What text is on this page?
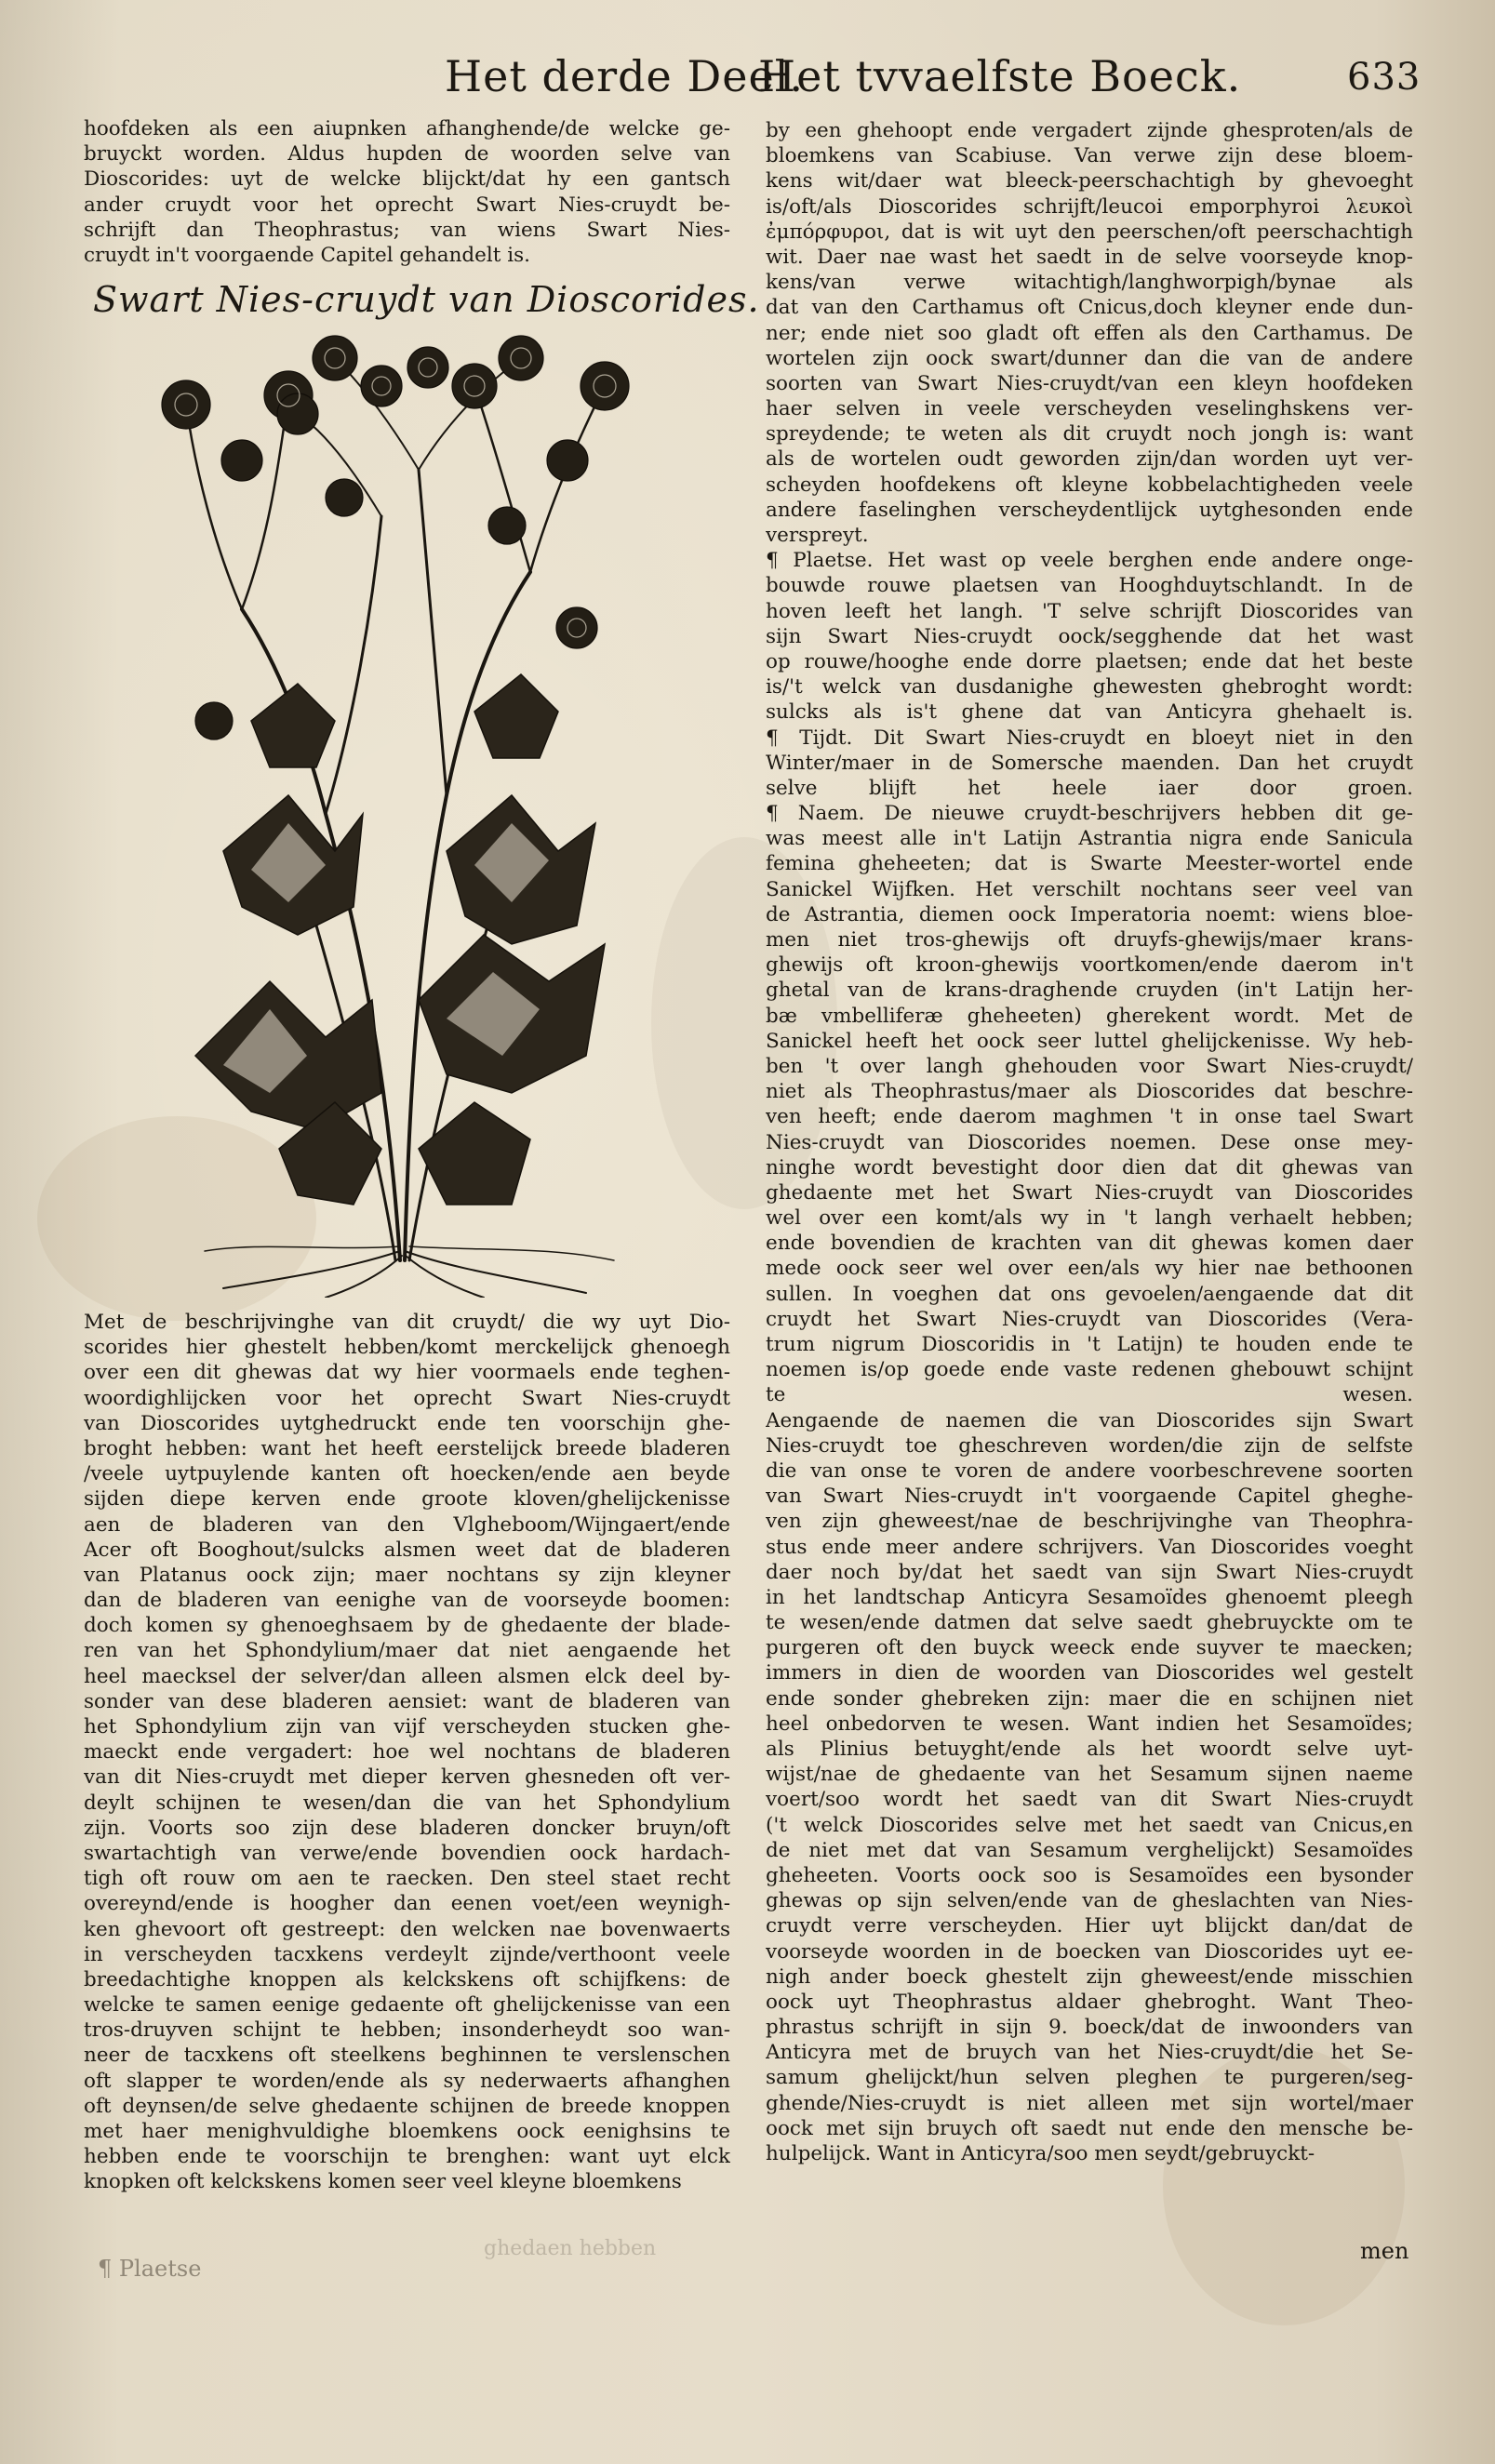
Het derde Deel.
Het tvvaelfste Boeck.	633
hoofdeken als een aiupnken afhanghende/de welcke ge-
bruyckt worden. Aldus hupden de woorden selve van
Dioscorides: uyt de welcke blijckt/dat hy een gantsch
ander cruydt voor het oprecht Swart Nies-cruydt be-
schrijft dan Theophrastus; van wiens Swart Nies-
cruydt in't voorgaende Capitel gehandelt is.
Swart Nies-cruydt van Dioscorides.
Met de beschrijvinghe van dit cruydt/ die wy uyt Dio-
scorides hier ghestelt hebben/komt merckelijck ghenoegh
over een dit ghewas dat wy hier voormaels ende teghen-
woordighlijcken voor het oprecht Swart Nies-cruydt
van Dioscorides uytghedruckt ende ten voorschijn ghe-
broght hebben: want het heeft eerstelijck breede bladeren
/veele uytpuylende kanten oft hoecken/ende aen beyde
sijden diepe kerven ende groote kloven/ghelijckenisse
aen de bladeren van den Vlgheboom/Wijngaert/ende
Acer oft Booghout/sulcks alsmen weet dat de bladeren
van Platanus oock zijn; maer nochtans sy zijn kleyner
dan de bladeren van eenighe van de voorseyde boomen:
doch komen sy ghenoeghsaem by de ghedaente der blade-
ren van het Sphondylium/maer dat niet aengaende het
heel maecksel der selver/dan alleen alsmen elck deel by-
sonder van dese bladeren aensiet: want de bladeren van
het Sphondylium zijn van vijf verscheyden stucken ghe-
maeckt ende vergadert: hoe wel nochtans de bladeren
van dit Nies-cruydt met dieper kerven ghesneden oft ver-
deylt schijnen te wesen/dan die van het Sphondylium
zijn. Voorts soo zijn dese bladeren doncker bruyn/oft
swartachtigh van verwe/ende bovendien oock hardach-
tigh oft rouw om aen te raecken. Den steel staet recht
overeynd/ende is hoogher dan eenen voet/een weynigh-
ken ghevoort oft gestreept: den welcken nae bovenwaerts
in verscheyden tacxkens verdeylt zijnde/verthoont veele
breedachtighe knoppen als kelckskens oft schijfkens: de
welcke te samen eenige gedaente oft ghelijckenisse van een
tros-druyven schijnt te hebben; insonderheydt soo wan-
neer de tacxkens oft steelkens beghinnen te verslenschen
oft slapper te worden/ende als sy nederwaerts afhanghen
oft deynsen/de selve ghedaente schijnen de breede knoppen
met haer menighvuldighe bloemkens oock eenighsins te
hebben ende te voorschijn te brenghen: want uyt elck
knopken oft kelckskens komen seer veel kleyne bloemkens
by een ghehoopt ende vergadert zijnde ghesproten/als de
bloemkens van Scabiuse. Van verwe zijn dese bloem-
kens wit/daer wat bleeck-peerschachtigh by ghevoeght
is/oft/als Dioscorides schrijft/leucoi emporphyroi λευκοὶ
ἐμπόρφυροι, dat is wit uyt den peerschen/oft peerschachtigh
wit. Daer nae wast het saedt in de selve voorseyde knop-
kens/van verwe witachtigh/langhworpigh/bynae als
dat van den Carthamus oft Cnicus,doch kleyner ende dun-
ner; ende niet soo gladt oft effen als den Carthamus. De
wortelen zijn oock swart/dunner dan die van de andere
soorten van Swart Nies-cruydt/van een kleyn hoofdeken
haer selven in veele verscheyden veselinghskens ver-
spreydende; te weten als dit cruydt noch jongh is: want
als de wortelen oudt geworden zijn/dan worden uyt ver-
scheyden hoofdekens oft kleyne kobbelachtigheden veele
andere faselinghen verscheydentlijck uytghesonden ende
verspreyt.
¶ Plaetse. Het wast op veele berghen ende andere onge-
bouwde rouwe plaetsen van Hooghduytschlandt. In de
hoven leeft het langh. 'T selve schrijft Dioscorides van
sijn Swart Nies-cruydt oock/segghende dat het wast
op rouwe/hooghe ende dorre plaetsen; ende dat het beste
is/'t welck van dusdanighe ghewesten ghebroght wordt:
sulcks als is't ghene dat van Anticyra ghehaelt is.
¶ Tijdt. Dit Swart Nies-cruydt en bloeyt niet in den
Winter/maer in de Somersche maenden. Dan het cruydt
selve blijft het heele iaer door groen.
¶ Naem. De nieuwe cruydt-beschrijvers hebben dit ge-
was meest alle in't Latijn Astrantia nigra ende Sanicula
femina gheheeten; dat is Swarte Meester-wortel ende
Sanickel Wijfken. Het verschilt nochtans seer veel van
de Astrantia, diemen oock Imperatoria noemt: wiens bloe-
men niet tros-ghewijs oft druyfs-ghewijs/maer krans-
ghewijs oft kroon-ghewijs voortkomen/ende daerom in't
ghetal van de krans-draghende cruyden (in't Latijn her-
bæ vmbelliferæ gheheeten) gherekent wordt. Met de
Sanickel heeft het oock seer luttel ghelijckenisse. Wy heb-
ben 't over langh ghehouden voor Swart Nies-cruydt/
niet als Theophrastus/maer als Dioscorides dat beschre-
ven heeft; ende daerom maghmen 't in onse tael Swart
Nies-cruydt van Dioscorides noemen. Dese onse mey-
ninghe wordt bevestight door dien dat dit ghewas van
ghedaente met het Swart Nies-cruydt van Dioscorides
wel over een komt/als wy in 't langh verhaelt hebben;
ende bovendien de krachten van dit ghewas komen daer
mede oock seer wel over een/als wy hier nae bethoonen
sullen. In voeghen dat ons gevoelen/aengaende dat dit
cruydt het Swart Nies-cruydt van Dioscorides (Vera-
trum nigrum Dioscoridis in 't Latijn) te houden ende te
noemen is/op goede ende vaste redenen ghebouwt schijnt
te wesen.
Aengaende de naemen die van Dioscorides sijn Swart
Nies-cruydt toe gheschreven worden/die zijn de selfste
die van onse te voren de andere voorbeschrevene soorten
van Swart Nies-cruydt in't voorgaende Capitel gheghe-
ven zijn gheweest/nae de beschrijvinghe van Theophra-
stus ende meer andere schrijvers. Van Dioscorides voeght
daer noch by/dat het saedt van sijn Swart Nies-cruydt
in het landtschap Anticyra Sesamoïdes ghenoemt pleegh
te wesen/ende datmen dat selve saedt ghebruyckte om te
purgeren oft den buyck weeck ende suyver te maecken;
immers in dien de woorden van Dioscorides wel gestelt
ende sonder ghebreken zijn: maer die en schijnen niet
heel onbedorven te wesen. Want indien het Sesamoïdes;
als Plinius betuyght/ende als het woordt selve uyt-
wijst/nae de ghedaente van het Sesamum sijnen naeme
voert/soo wordt het saedt van dit Swart Nies-cruydt
('t welck Dioscorides selve met het saedt van Cnicus,en
de niet met dat van Sesamum verghelijckt) Sesamoïdes
gheheeten. Voorts oock soo is Sesamoïdes een bysonder
ghewas op sijn selven/ende van de gheslachten van Nies-
cruydt verre verscheyden. Hier uyt blijckt dan/dat de
voorseyde woorden in de boecken van Dioscorides uyt ee-
nigh ander boeck ghestelt zijn gheweest/ende misschien
oock uyt Theophrastus aldaer ghebroght. Want Theo-
phrastus schrijft in sijn 9. boeck/dat de inwoonders van
Anticyra met de bruych van het Nies-cruydt/die het Se-
samum ghelijckt/hun selven pleghen te purgeren/seg-
ghende/Nies-cruydt is niet alleen met sijn wortel/maer
oock met sijn bruych oft saedt nut ende den mensche be-
hulpelijck. Want in Anticyra/soo men seydt/gebruyckt-
ghedaen hebben
¶ Plaetse
men
